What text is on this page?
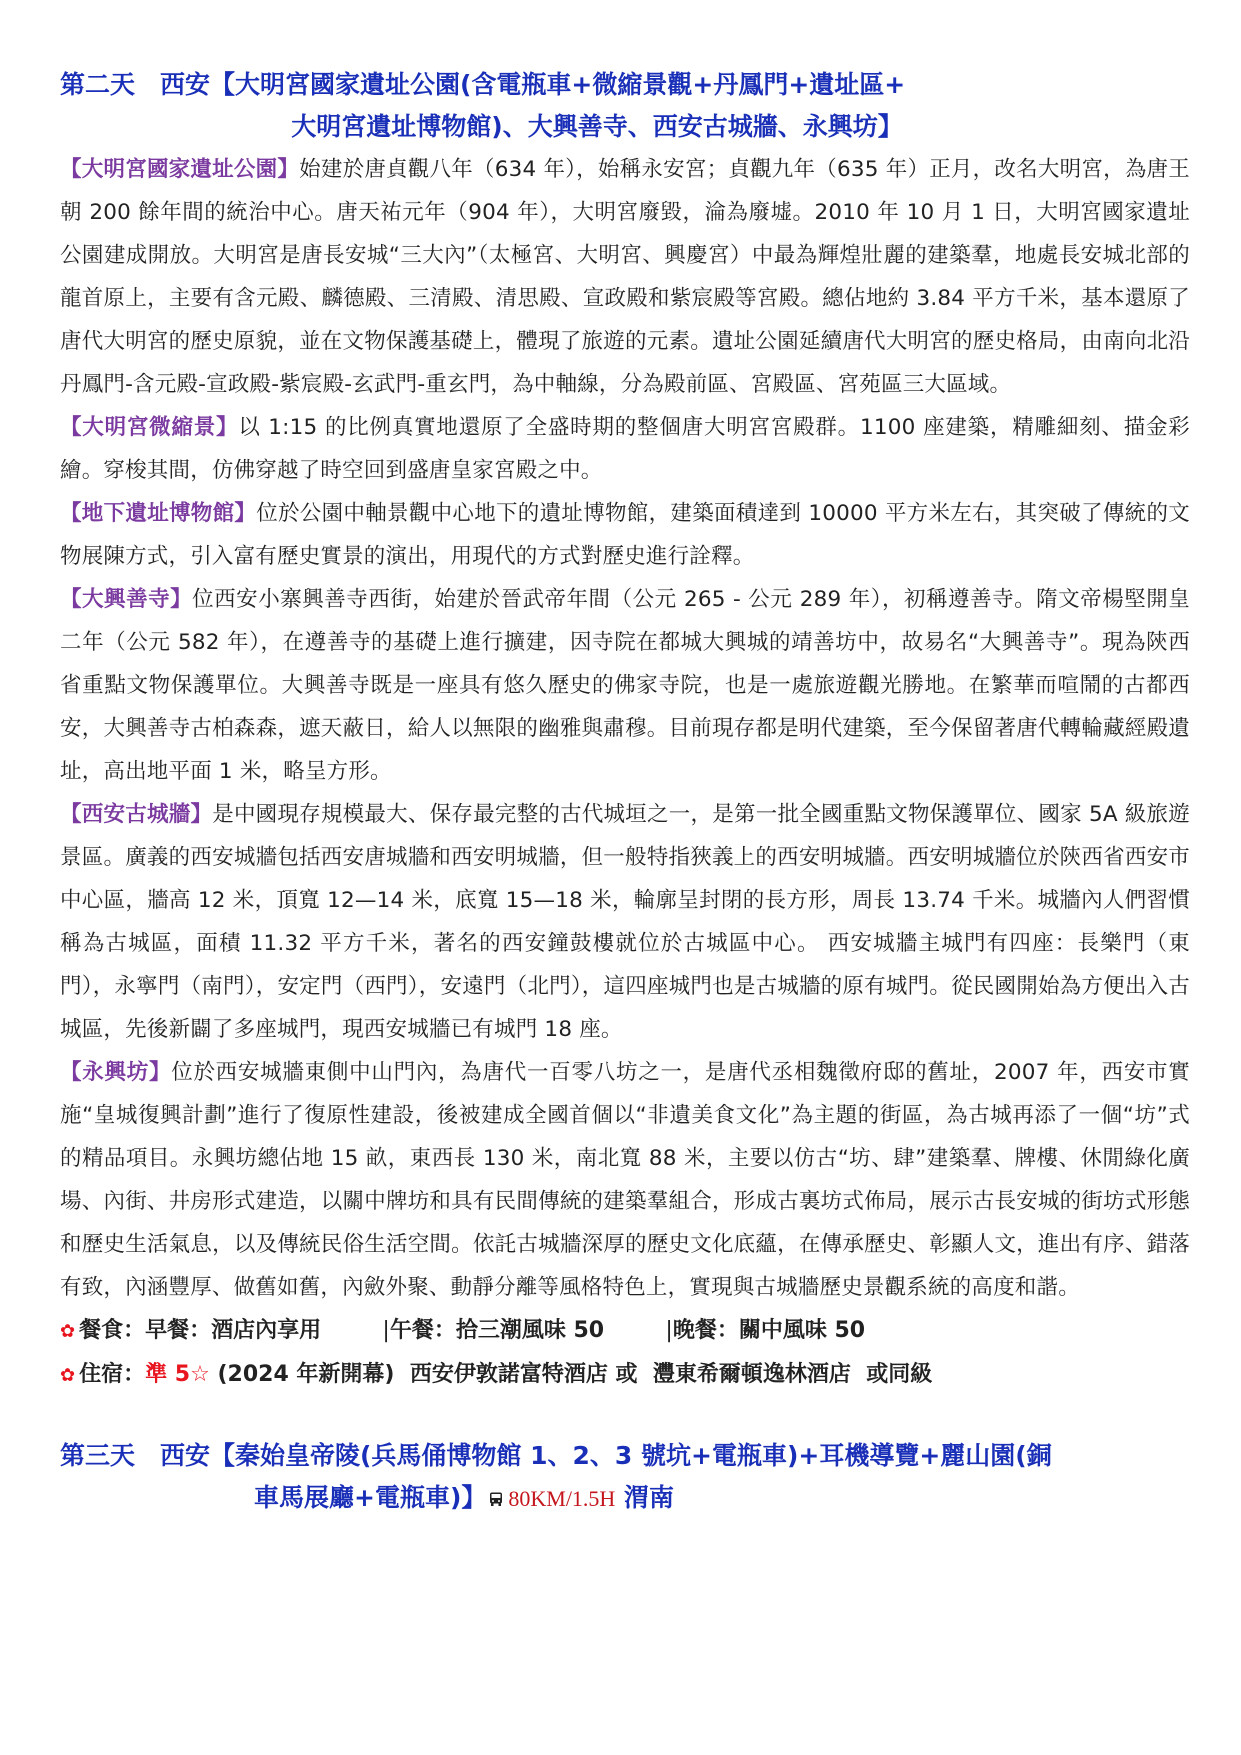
第二天　西安【大明宮國家遺址公園(含電瓶車+微縮景觀+丹鳳門+遺址區+
大明宮遺址博物館)、大興善寺、西安古城牆、永興坊】

【大明宮國家遺址公園】始建於唐貞觀八年（634 年），始稱永安宮；貞觀九年（635 年）正月，改名大明宮，為唐王朝 200 餘年間的統治中心。唐天祐元年（904 年），大明宮廢毀，淪為廢墟。2010 年 10 月 1 日，大明宮國家遺址公園建成開放。大明宮是唐長安城“三大內”（太極宮、大明宮、興慶宮）中最為輝煌壯麗的建築羣，地處長安城北部的龍首原上，主要有含元殿、麟德殿、三清殿、清思殿、宣政殿和紫宸殿等宮殿。總佔地約 3.84 平方千米，基本還原了唐代大明宮的歷史原貌，並在文物保護基礎上，體現了旅遊的元素。遺址公園延續唐代大明宮的歷史格局，由南向北沿丹鳳門-含元殿-宣政殿-紫宸殿-玄武門-重玄門，為中軸線，分為殿前區、宮殿區、宮苑區三大區域。

【大明宮微縮景】以 1:15 的比例真實地還原了全盛時期的整個唐大明宮宮殿群。1100 座建築，精雕細刻、描金彩繪。穿梭其間，仿佛穿越了時空回到盛唐皇家宮殿之中。

【地下遺址博物館】位於公園中軸景觀中心地下的遺址博物館，建築面積達到 10000 平方米左右，其突破了傳統的文物展陳方式，引入富有歷史實景的演出，用現代的方式對歷史進行詮釋。

【大興善寺】位西安小寨興善寺西街，始建於晉武帝年間（公元 265 - 公元 289 年），初稱遵善寺。隋文帝楊堅開皇二年（公元 582 年），在遵善寺的基礎上進行擴建，因寺院在都城大興城的靖善坊中，故易名“大興善寺”。現為陝西省重點文物保護單位。大興善寺既是一座具有悠久歷史的佛家寺院，也是一處旅遊觀光勝地。在繁華而喧鬧的古都西安，大興善寺古柏森森，遮天蔽日，給人以無限的幽雅與肅穆。目前現存都是明代建築，至今保留著唐代轉輪藏經殿遺址，高出地平面 1 米，略呈方形。

【西安古城牆】是中國現存規模最大、保存最完整的古代城垣之一，是第一批全國重點文物保護單位、國家 5A 級旅遊景區。廣義的西安城牆包括西安唐城牆和西安明城牆，但一般特指狹義上的西安明城牆。西安明城牆位於陝西省西安市中心區，牆高 12 米，頂寬 12—14 米，底寬 15—18 米，輪廓呈封閉的長方形，周長 13.74 千米。城牆內人們習慣稱為古城區，面積 11.32 平方千米，著名的西安鐘鼓樓就位於古城區中心。 西安城牆主城門有四座：長樂門（東門），永寧門（南門），安定門（西門），安遠門（北門），這四座城門也是古城牆的原有城門。從民國開始為方便出入古城區，先後新闢了多座城門，現西安城牆已有城門 18 座。

【永興坊】位於西安城牆東側中山門內，為唐代一百零八坊之一，是唐代丞相魏徵府邸的舊址，2007 年，西安市實施“皇城復興計劃”進行了復原性建設，後被建成全國首個以“非遺美食文化”為主題的街區，為古城再添了一個“坊”式的精品項目。永興坊總佔地 15 畝，東西長 130 米，南北寬 88 米，主要以仿古“坊、肆”建築羣、牌樓、休閒綠化廣場、內街、井房形式建造，以關中牌坊和具有民間傳統的建築羣組合，形成古裏坊式佈局，展示古長安城的街坊式形態和歷史生活氣息，以及傳統民俗生活空間。依託古城牆深厚的歷史文化底蘊，在傳承歷史、彰顯人文，進出有序、錯落有致，內涵豐厚、做舊如舊，內斂外聚、動靜分離等風格特色上，實現與古城牆歷史景觀系統的高度和諧。

✿ 餐食：早餐：酒店內享用	|午餐：拾三潮風味 50	|晚餐：關中風味 50

✿ 住宿：準 5☆ (2024 年新開幕) 西安伊敦諾富特酒店 或 灃東希爾頓逸林酒店 或同級

第三天　西安【秦始皇帝陵(兵馬俑博物館 1、2、3 號坑+電瓶車)+耳機導覽+麗山園(銅
車馬展廳+電瓶車)】 80KM/1.5H 渭南
